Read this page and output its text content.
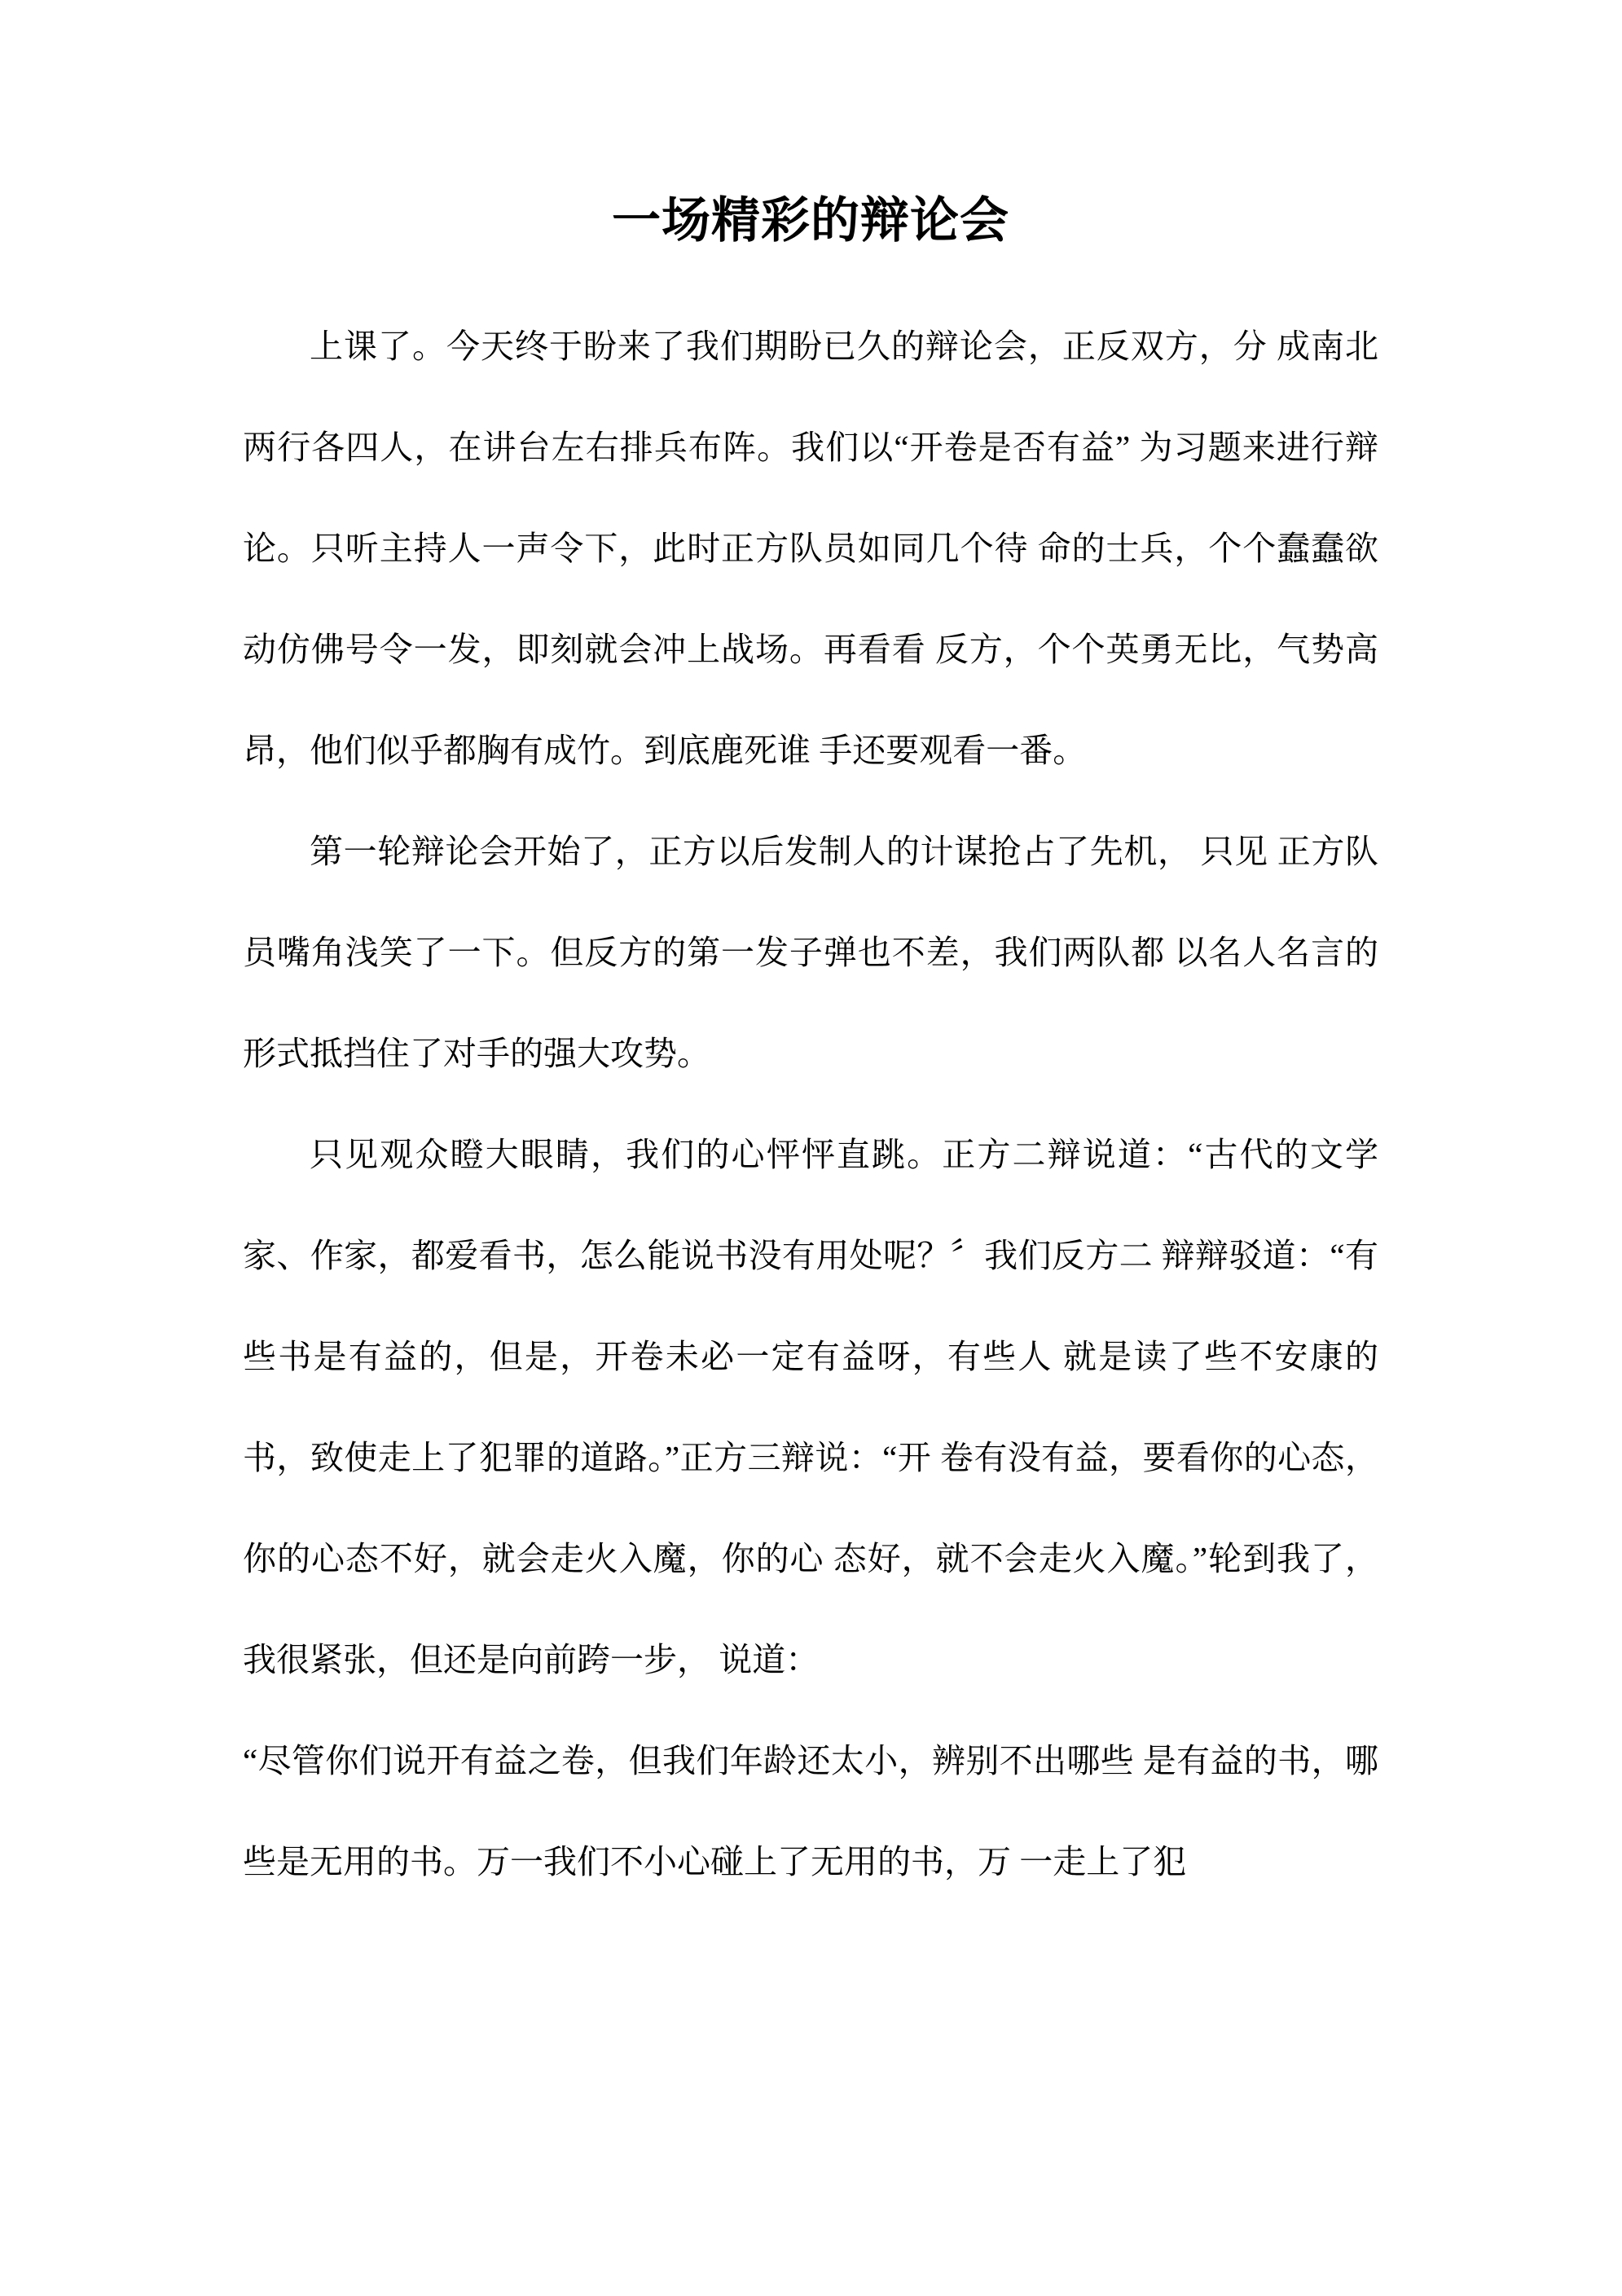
一场精彩的辩论会

上课了。今天终于盼来了我们期盼已久的辩论会，正反双方，分 成南北两行各四人，在讲台左右排兵布阵。我们以“开卷是否有益” 为习题来进行辩论。只听主持人一声令下，此时正方队员如同几个待 命的士兵，个个蠢蠢欲动仿佛号令一发，即刻就会冲上战场。再看看 反方，个个英勇无比，气势高昂，他们似乎都胸有成竹。到底鹿死谁 手还要观看一番。

第一轮辩论会开始了，正方以后发制人的计谋抢占了先机， 只见 正方队员嘴角浅笑了一下。但反方的第一发子弹也不差，我们两队都 以名人名言的形式抵挡住了对手的强大攻势。

只见观众瞪大眼睛，我们的心怦怦直跳。正方二辩说道：“古代的文学家、作家，都爱看书，怎么能说书没有用处呢？〞我们反方二 辩辩驳道：“有些书是有益的，但是，开卷未必一定有益呀，有些人 就是读了些不安康的书，致使走上了犯罪的道路。”正方三辩说：“开 卷有没有益，要看你的心态，你的心态不好，就会走火入魔，你的心 态好，就不会走火入魔。”轮到我了，我很紧张，但还是向前跨一步， 说道：

“尽管你们说开有益之卷，但我们年龄还太小，辨别不出哪些 是有益的书，哪些是无用的书。万一我们不小心碰上了无用的书，万 一走上了犯
